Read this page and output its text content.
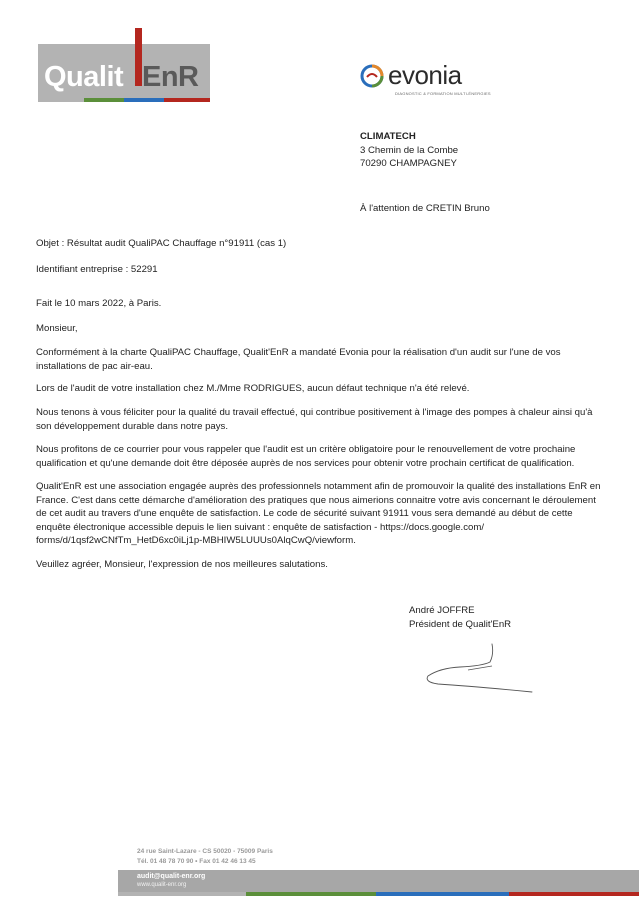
Qualit EnR	evonia
DIAGNOSTIC & FORMATION MULTI-ÉNERGIES
CLIMATECH
3 Chemin de la Combe
70290 CHAMPAGNEY
À l'attention de CRETIN Bruno
Objet : Résultat audit QualiPAC Chauffage n°91911 (cas 1)
Identifiant entreprise : 52291
Fait le 10 mars 2022, à Paris.
Monsieur,
Conformément à la charte QualiPAC Chauffage, Qualit'EnR a mandaté Evonia pour la réalisation d'un audit sur l'une de vos installations de pac air-eau.
Lors de l'audit de votre installation chez M./Mme RODRIGUES, aucun défaut technique n'a été relevé.
Nous tenons à vous féliciter pour la qualité du travail effectué, qui contribue positivement à l'image des pompes à chaleur ainsi qu'à son développement durable dans notre pays.
Nous profitons de ce courrier pour vous rappeler que l'audit est un critère obligatoire pour le renouvellement de votre prochaine qualification et qu'une demande doit être déposée auprès de nos services pour obtenir votre prochain certificat de qualification.
Qualit'EnR est une association engagée auprès des professionnels notamment afin de promouvoir la qualité des installations EnR en France. C'est dans cette démarche d'amélioration des pratiques que nous aimerions connaitre votre avis concernant le déroulement de cet audit au travers d'une enquête de satisfaction. Le code de sécurité suivant 91911 vous sera demandé au début de cette enquête électronique accessible depuis le lien suivant : enquête de satisfaction - https://docs.google.com/ forms/d/1qsf2wCNfTm_HetD6xc0iLj1p-MBHIW5LUUUs0AlqCwQ/viewform.
Veuillez agréer, Monsieur, l'expression de nos meilleures salutations.
André JOFFRE
Président de Qualit'EnR
24 rue Saint-Lazare - CS 50020 - 75009 Paris
Tél. 01 48 78 70 90 • Fax 01 42 46 13 45
audit@qualit-enr.org
www.qualit-enr.org
